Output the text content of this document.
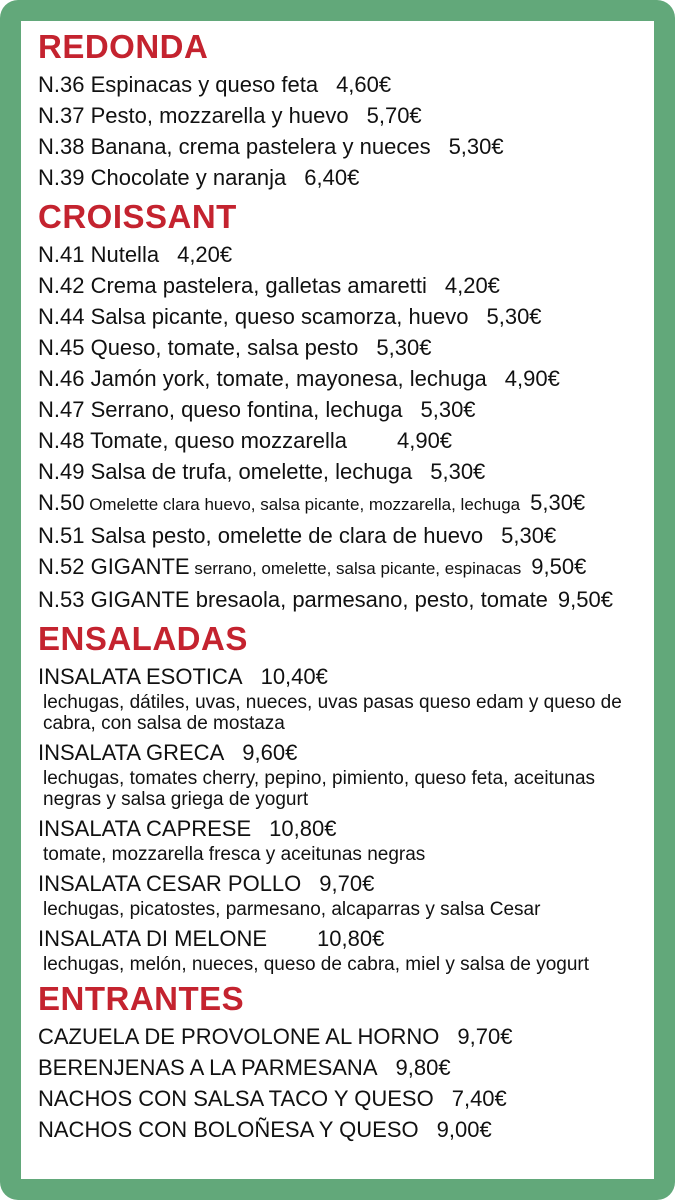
REDONDA
N.36 Espinacas y queso feta 4,60€
N.37 Pesto, mozzarella y huevo 5,70€
N.38 Banana, crema pastelera y nueces 5,30€
N.39 Chocolate y naranja 6,40€
CROISSANT
N.41 Nutella 4,20€
N.42 Crema pastelera, galletas amaretti 4,20€
N.44 Salsa picante, queso scamorza, huevo 5,30€
N.45 Queso, tomate, salsa pesto 5,30€
N.46 Jamón york, tomate, mayonesa, lechuga 4,90€
N.47 Serrano, queso fontina, lechuga 5,30€
N.48 Tomate, queso mozzarella 4,90€
N.49 Salsa de trufa, omelette, lechuga 5,30€
N.50 Omelette clara huevo, salsa picante, mozzarella, lechuga 5,30€
N.51 Salsa pesto, omelette de clara de huevo 5,30€
N.52 GIGANTE serrano, omelette, salsa picante, espinacas 9,50€
N.53 GIGANTE bresaola, parmesano, pesto, tomate 9,50€
ENSALADAS
INSALATA ESOTICA 10,40€
lechugas, dátiles, uvas, nueces, uvas pasas queso edam y queso de cabra, con salsa de mostaza
INSALATA GRECA 9,60€
lechugas, tomates cherry, pepino, pimiento, queso feta, aceitunas negras y salsa griega de yogurt
INSALATA CAPRESE 10,80€
tomate, mozzarella fresca y aceitunas negras
INSALATA CESAR POLLO 9,70€
lechugas, picatostes, parmesano, alcaparras y salsa Cesar
INSALATA DI MELONE 10,80€
lechugas, melón, nueces, queso de cabra, miel y salsa de yogurt
ENTRANTES
CAZUELA DE PROVOLONE AL HORNO 9,70€
BERENJENAS A LA PARMESANA 9,80€
NACHOS CON SALSA TACO Y QUESO 7,40€
NACHOS CON BOLOÑESA Y QUESO 9,00€
